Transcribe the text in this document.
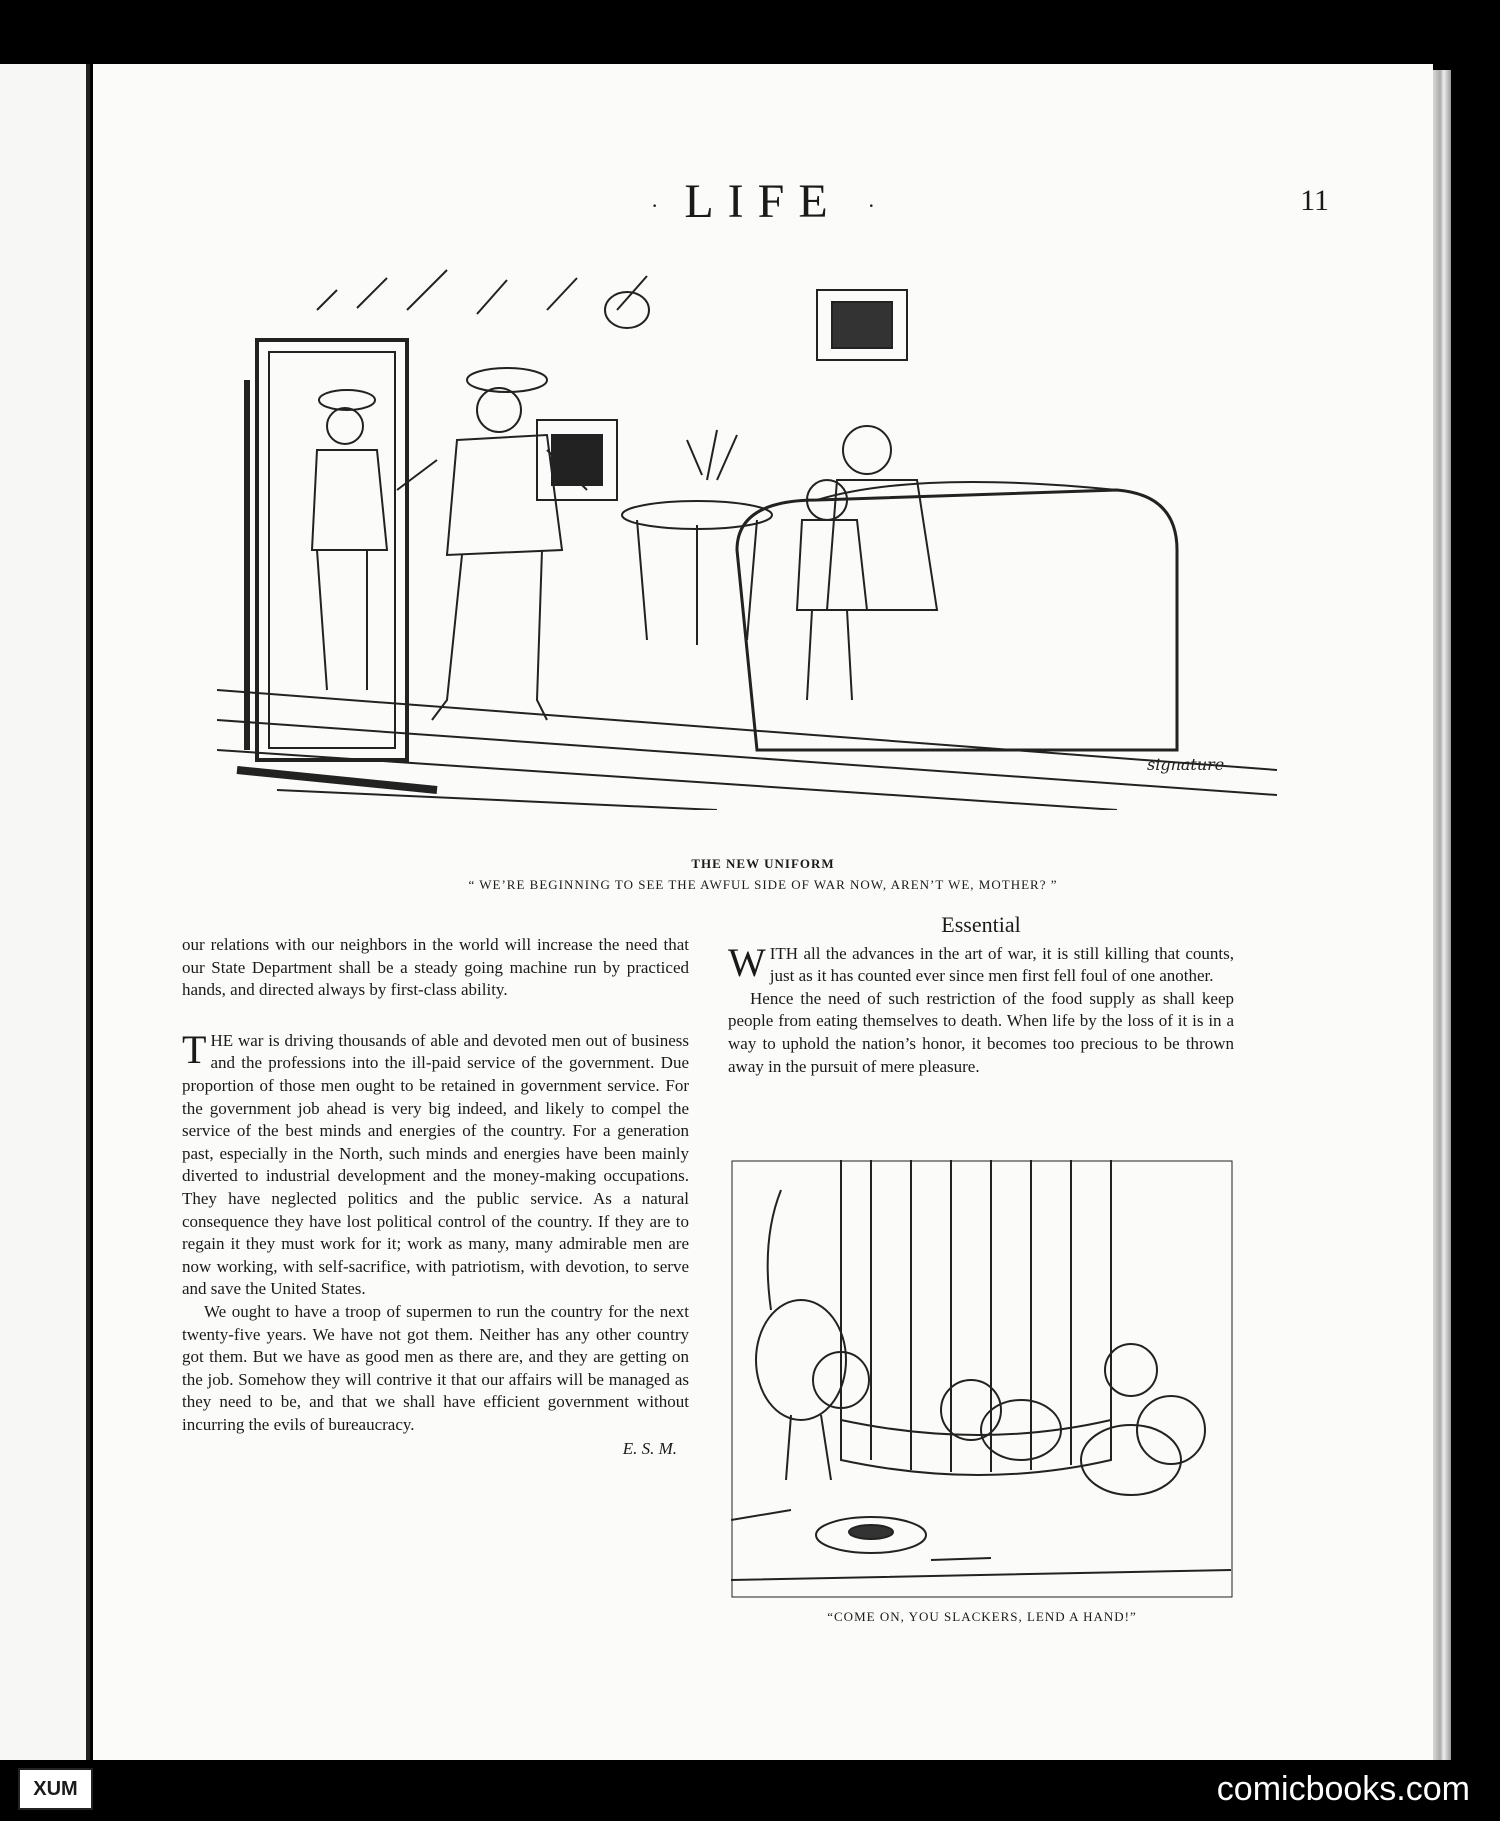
· LIFE ·	11
signature
THE NEW UNIFORM
“ WE’RE BEGINNING TO SEE THE AWFUL SIDE OF WAR NOW, AREN’T WE, MOTHER? ”

our relations with our neighbors in the world will increase the need that our State Department shall be a steady going machine run by practiced hands, and directed always by first-class ability.

THE war is driving thousands of able and devoted men out of business and the professions into the ill-paid service of the government. Due proportion of those men ought to be retained in government service. For the government job ahead is very big indeed, and likely to compel the service of the best minds and energies of the country. For a generation past, especially in the North, such minds and energies have been mainly diverted to industrial development and the money-making occupations. They have neglected politics and the public service. As a natural consequence they have lost political control of the country. If they are to regain it they must work for it; work as many, many admirable men are now working, with self-sacrifice, with patriotism, with devotion, to serve and save the United States.

We ought to have a troop of supermen to run the country for the next twenty-five years. We have not got them. Neither has any other country got them. But we have as good men as there are, and they are getting on the job. Somehow they will contrive it that our affairs will be managed as they need to be, and that we shall have efficient government without incurring the evils of bureaucracy.

E. S. M.
Essential

WITH all the advances in the art of war, it is still killing that counts, just as it has counted ever since men first fell foul of one another.

Hence the need of such restriction of the food supply as shall keep people from eating themselves to death. When life by the loss of it is in a way to uphold the nation’s honor, it becomes too precious to be thrown away in the pursuit of mere pleasure.

“COME ON, YOU SLACKERS, LEND A HAND!”
XUM	comicbooks.com
